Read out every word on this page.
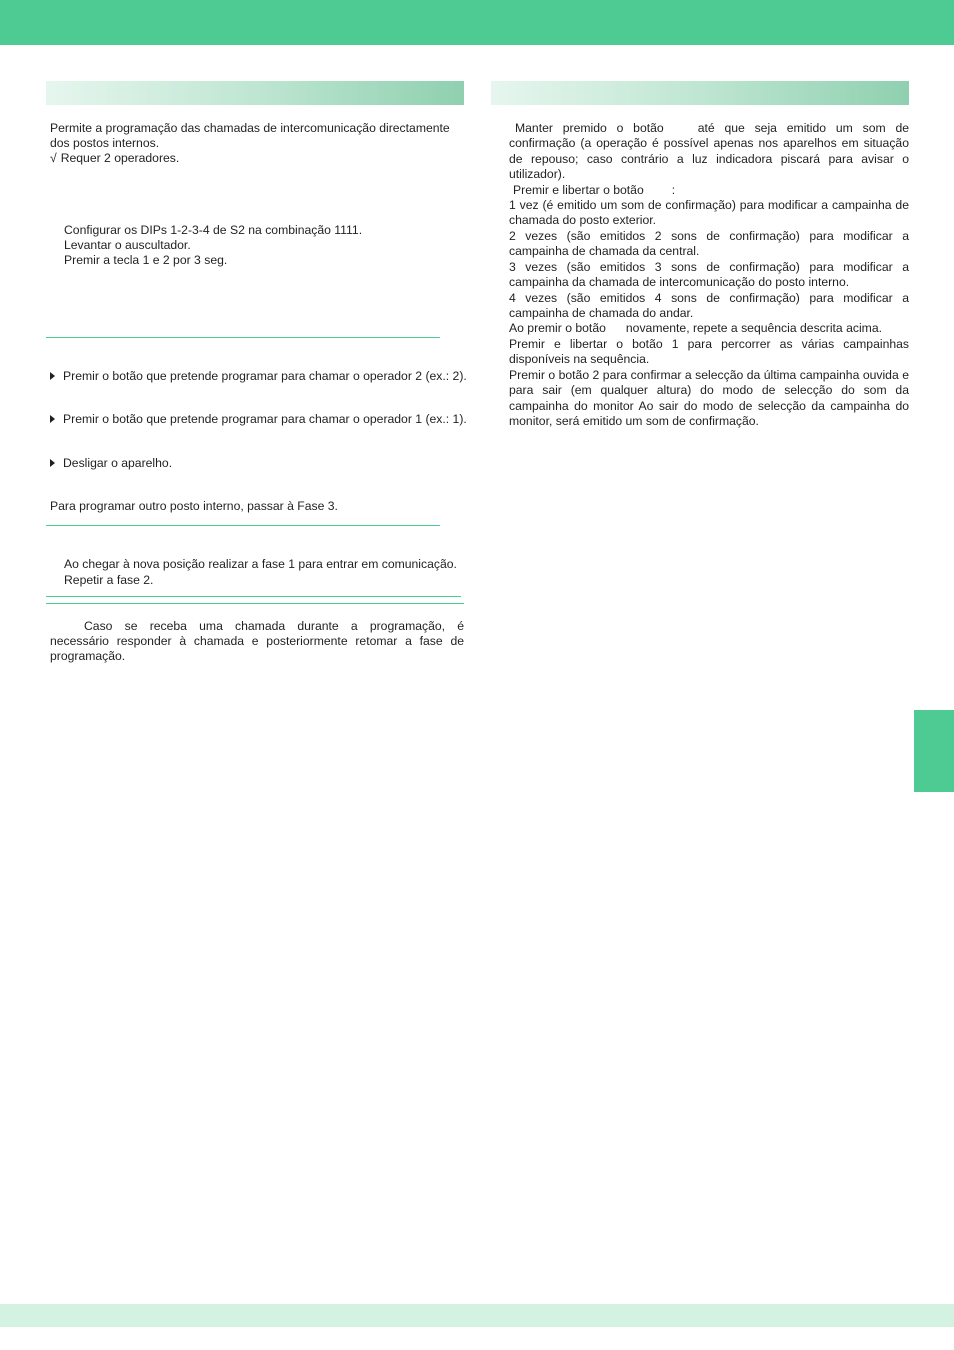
Permite a programação das chamadas de intercomunicação directamente
dos postos internos.
√ Requer 2 operadores.
Configurar os DIPs 1-2-3-4 de S2 na combinação 1111.
Levantar o auscultador.
Premir a tecla 1 e 2 por 3 seg.
Premir o botão que pretende programar para chamar o operador 2 (ex.: 2).
Premir o botão que pretende programar para chamar o operador 1 (ex.: 1).
Desligar o aparelho.
Para programar outro posto interno, passar à Fase 3.
Ao chegar à nova posição realizar a fase 1 para entrar em comunicação.
Repetir a fase 2.
Caso se receba uma chamada durante a programação, é
necessário responder à chamada e posteriormente retomar a fase de
programação.
Manter premido o botão	até que seja emitido um som de confirmação (a operação é possível apenas nos aparelhos em situação de repouso; caso contrário a luz indicadora piscará para avisar o utilizador).
Premir e libertar o botão :
1 vez (é emitido um som de confirmação) para modificar a campainha de chamada do posto exterior.
2 vezes (são emitidos 2 sons de confirmação) para modificar a campainha de chamada da central.
3 vezes (são emitidos 3 sons de confirmação) para modificar a campainha da chamada de intercomunicação do posto interno.
4 vezes (são emitidos 4 sons de confirmação) para modificar a campainha de chamada do andar.
Ao premir o botão novamente, repete a sequência descrita acima.
Premir e libertar o botão 1 para percorrer as várias campainhas disponíveis na sequência.
Premir o botão 2 para confirmar a selecção da última campainha ouvida e para sair (em qualquer altura) do modo de selecção do som da campainha do monitor Ao sair do modo de selecção da campainha do monitor, será emitido um som de confirmação.
